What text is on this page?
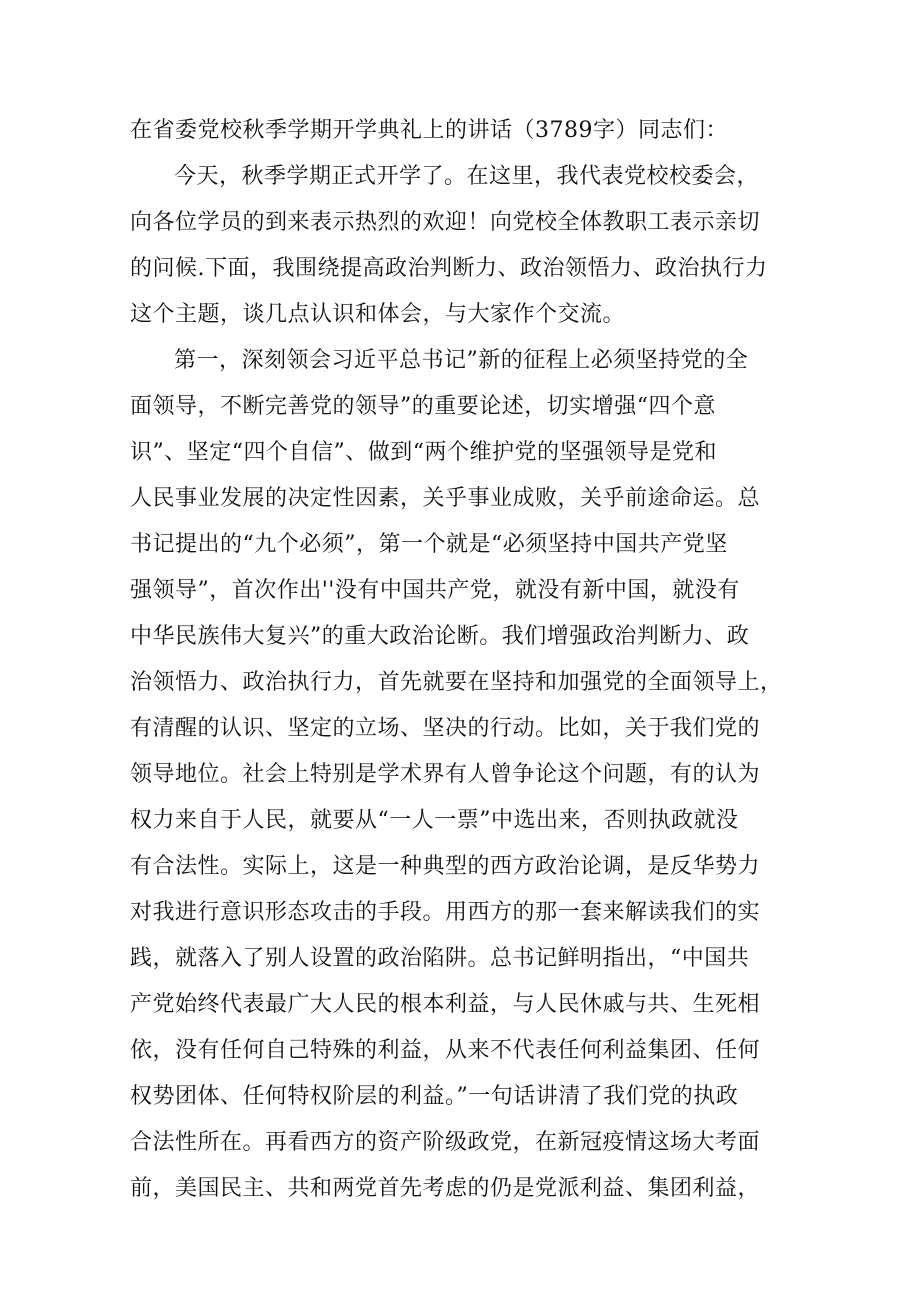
在省委党校秋季学期开学典礼上的讲话（3789字）同志们：
今天，秋季学期正式开学了。在这里，我代表党校校委会，
向各位学员的到来表示热烈的欢迎！向党校全体教职工表示亲切
的问候.下面，我围绕提高政治判断力、政治领悟力、政治执行力
这个主题，谈几点认识和体会，与大家作个交流。
第一，深刻领会习近平总书记”新的征程上必须坚持党的全
面领导，不断完善党的领导”的重要论述，切实增强“四个意
识”、坚定“四个自信”、做到“两个维护党的坚强领导是党和
人民事业发展的决定性因素，关乎事业成败，关乎前途命运。总
书记提出的“九个必须”，第一个就是“必须坚持中国共产党坚
强领导”，首次作出''没有中国共产党，就没有新中国，就没有
中华民族伟大复兴”的重大政治论断。我们增强政治判断力、政
治领悟力、政治执行力，首先就要在坚持和加强党的全面领导上，
有清醒的认识、坚定的立场、坚决的行动。比如，关于我们党的
领导地位。社会上特别是学术界有人曾争论这个问题，有的认为
权力来自于人民，就要从“一人一票”中选出来，否则执政就没
有合法性。实际上，这是一种典型的西方政治论调，是反华势力
对我进行意识形态攻击的手段。用西方的那一套来解读我们的实
践，就落入了别人设置的政治陷阱。总书记鲜明指出，“中国共
产党始终代表最广大人民的根本利益，与人民休戚与共、生死相
依，没有任何自己特殊的利益，从来不代表任何利益集团、任何
权势团体、任何特权阶层的利益。”一句话讲清了我们党的执政
合法性所在。再看西方的资产阶级政党，在新冠疫情这场大考面
前，美国民主、共和两党首先考虑的仍是党派利益、集团利益，
